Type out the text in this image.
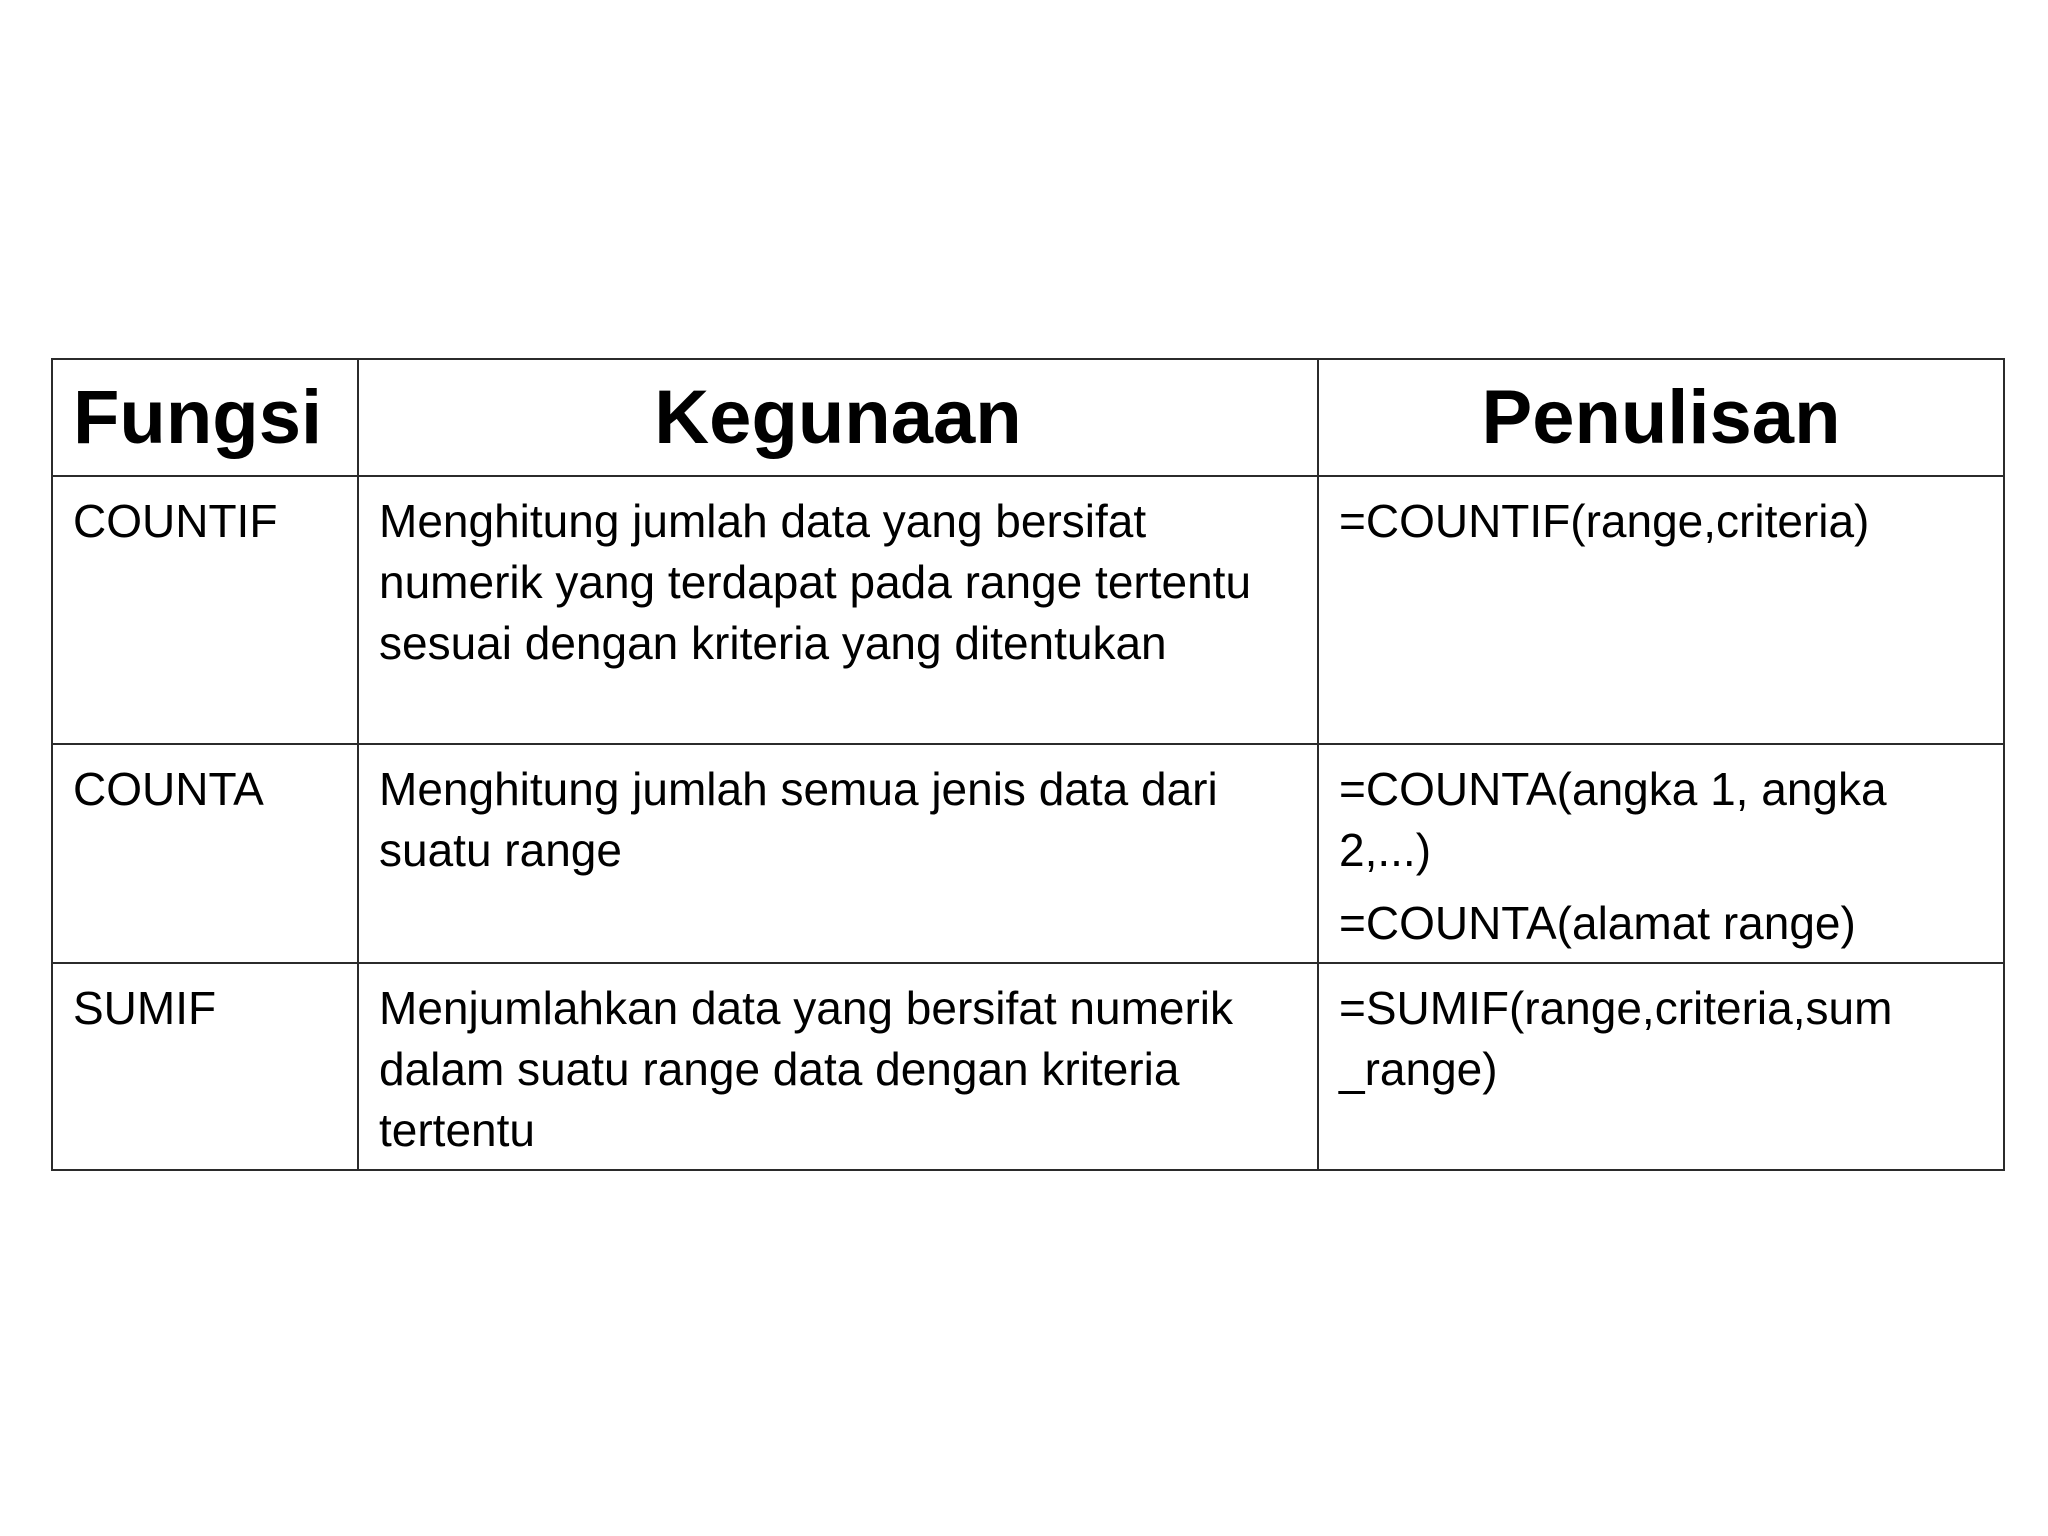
Fungsi	Kegunaan	Penulisan
COUNTIF	Menghitung jumlah data yang bersifat numerik yang terdapat pada range tertentu sesuai dengan kriteria yang ditentukan	=COUNTIF(range,criteria)

COUNTA	Menghitung jumlah semua jenis data dari suatu range	=COUNTA(angka 1, angka 2,...)
=COUNTA(alamat range)

SUMIF	Menjumlahkan data yang bersifat numerik dalam suatu range data dengan kriteria tertentu	=SUMIF(range,criteria,sum _range)
